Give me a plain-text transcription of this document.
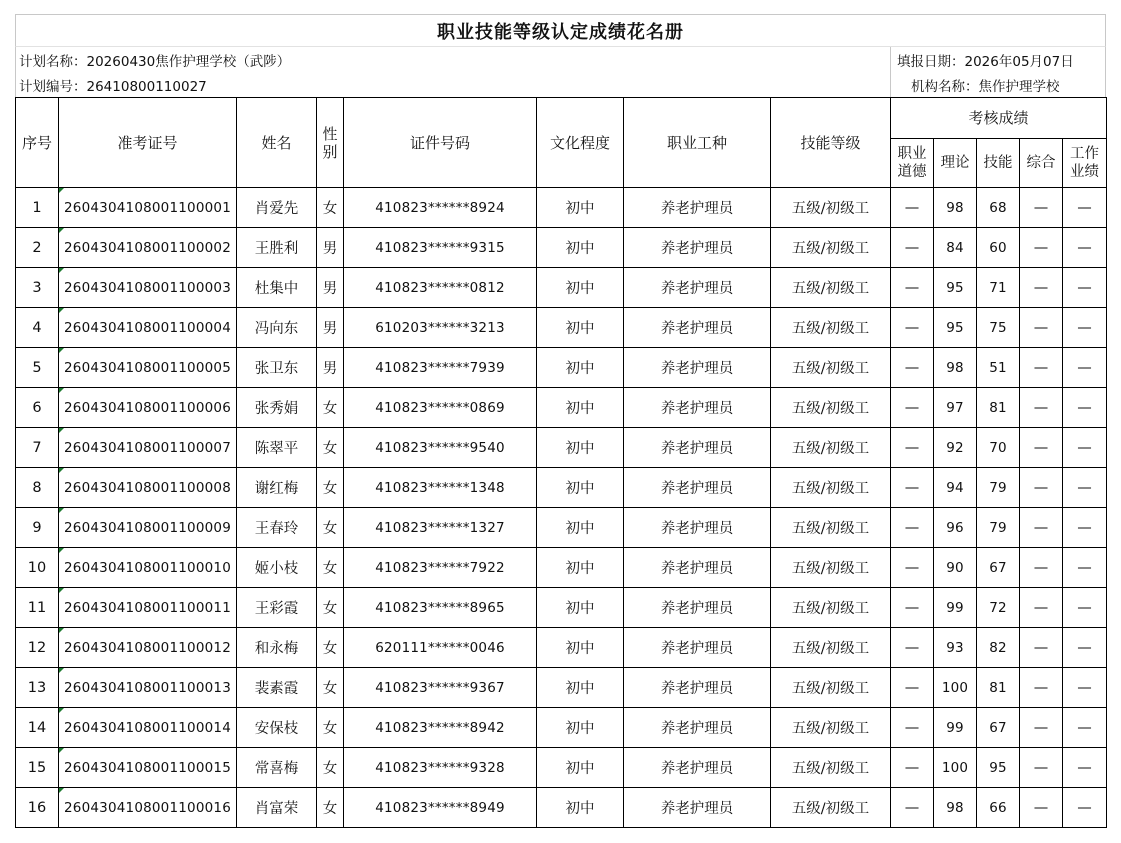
职业技能等级认定成绩花名册
计划名称：20260430焦作护理学校（武陟）	填报日期： 2026年05月07日
计划编号：26410800110027	机构名称： 焦作护理学校
序号	准考证号	姓名	性别	证件号码	文化程度	职业工种	技能等级	考核成绩				
								职业道德	理论	技能	综合	工作业绩
1	2604304108001100001	肖爱先	女	410823******8924	初中	养老护理员	五级/初级工	—	98	68	—	—
2	2604304108001100002	王胜利	男	410823******9315	初中	养老护理员	五级/初级工	—	84	60	—	—
3	2604304108001100003	杜集中	男	410823******0812	初中	养老护理员	五级/初级工	—	95	71	—	—
4	2604304108001100004	冯向东	男	610203******3213	初中	养老护理员	五级/初级工	—	95	75	—	—
5	2604304108001100005	张卫东	男	410823******7939	初中	养老护理员	五级/初级工	—	98	51	—	—
6	2604304108001100006	张秀娟	女	410823******0869	初中	养老护理员	五级/初级工	—	97	81	—	—
7	2604304108001100007	陈翠平	女	410823******9540	初中	养老护理员	五级/初级工	—	92	70	—	—
8	2604304108001100008	谢红梅	女	410823******1348	初中	养老护理员	五级/初级工	—	94	79	—	—
9	2604304108001100009	王春玲	女	410823******1327	初中	养老护理员	五级/初级工	—	96	79	—	—
10	2604304108001100010	姬小枝	女	410823******7922	初中	养老护理员	五级/初级工	—	90	67	—	—
11	2604304108001100011	王彩霞	女	410823******8965	初中	养老护理员	五级/初级工	—	99	72	—	—
12	2604304108001100012	和永梅	女	620111******0046	初中	养老护理员	五级/初级工	—	93	82	—	—
13	2604304108001100013	裴素霞	女	410823******9367	初中	养老护理员	五级/初级工	—	100	81	—	—
14	2604304108001100014	安保枝	女	410823******8942	初中	养老护理员	五级/初级工	—	99	67	—	—
15	2604304108001100015	常喜梅	女	410823******9328	初中	养老护理员	五级/初级工	—	100	95	—	—
16	2604304108001100016	肖富荣	女	410823******8949	初中	养老护理员	五级/初级工	—	98	66	—	—
